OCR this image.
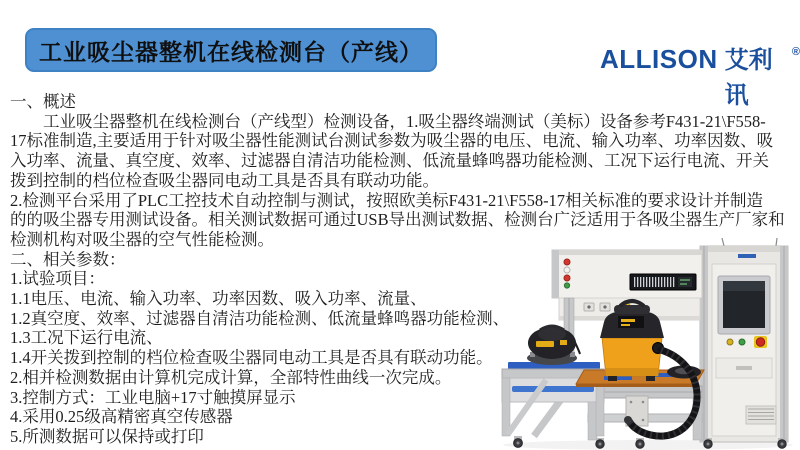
工业吸尘器整机在线检测台（产线）	ALLISON 艾利讯
®
一、概述
　　工业吸尘器整机在线检测台（产线型）检测设备，1.吸尘器终端测试（美标）设备参考F431-21\F558-
17标准制造,主要适用于针对吸尘器性能测试台测试参数为吸尘器的电压、电流、输入功率、功率因数、吸
入功率、流量、真空度、效率、过滤器自清洁功能检测、低流量蜂鸣器功能检测、工况下运行电流、开关
拨到控制的档位检查吸尘器同电动工具是否具有联动功能。
2.检测平台采用了PLC工控技术自动控制与测试，按照欧美标F431-21\F558-17相关标准的要求设计并制造
的的吸尘器专用测试设备。相关测试数据可通过USB导出测试数据、检测台广泛适用于各吸尘器生产厂家和
检测机构对吸尘器的空气性能检测。
二、相关参数：
1.试验项目：
1.1电压、电流、输入功率、功率因数、吸入功率、流量、
1.2真空度、效率、过滤器自清洁功能检测、低流量蜂鸣器功能检测、
1.3工况下运行电流、
1.4开关拨到控制的档位检查吸尘器同电动工具是否具有联动功能。
2.相并检测数据由计算机完成计算，全部特性曲线一次完成。
3.控制方式：工业电脑+17寸触摸屏显示
4.采用0.25级高精密真空传感器
5.所测数据可以保持或打印
